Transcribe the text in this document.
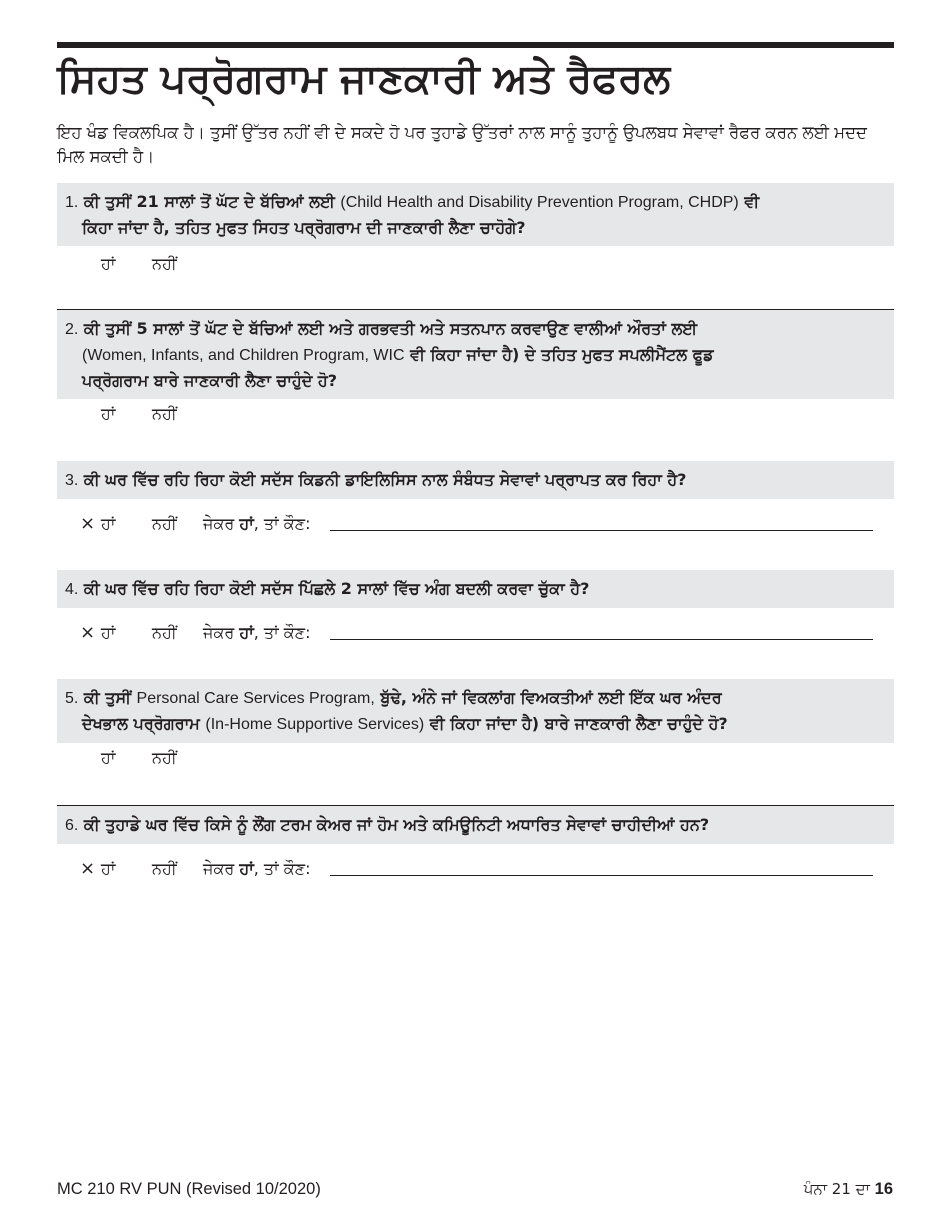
ਸਿਹਤ ਪਰ੍ਰੋਗਰਾਮ ਜਾਣਕਾਰੀ ਅਤੇ ਰੈਫਰਲ

ਇਹ ਖੰਡ ਵਿਕਲਪਿਕ ਹੈ। ਤੁਸੀਂ ਉੱਤਰ ਨਹੀਂ ਵੀ ਦੇ ਸਕਦੇ ਹੋ ਪਰ ਤੁਹਾਡੇ ਉੱਤਰਾਂ ਨਾਲ ਸਾਨੂੰ ਤੁਹਾਨੂੰ ਉਪਲਬਧ ਸੇਵਾਵਾਂ ਰੈਫਰ ਕਰਨ ਲਈ ਮਦਦ ਮਿਲ ਸਕਦੀ ਹੈ।

1. ਕੀ ਤੁਸੀਂ 21 ਸਾਲਾਂ ਤੋਂ ਘੱਟ ਦੇ ਬੱਚਿਆਂ ਲਈ (Child Health and Disability Prevention Program, CHDP) ਵੀ
ਕਿਹਾ ਜਾਂਦਾ ਹੈ, ਤਹਿਤ ਮੁਫਤ ਸਿਹਤ ਪਰ੍ਰੋਗਰਾਮ ਦੀ ਜਾਣਕਾਰੀ ਲੈਣਾ ਚਾਹੋਗੇ?

ਹਾਂ ਨਹੀਂ

2. ਕੀ ਤੁਸੀਂ 5 ਸਾਲਾਂ ਤੋਂ ਘੱਟ ਦੇ ਬੱਚਿਆਂ ਲਈ ਅਤੇ ਗਰਭਵਤੀ ਅਤੇ ਸਤਨਪਾਨ ਕਰਵਾਉਣ ਵਾਲੀਆਂ ਔਰਤਾਂ ਲਈ
(Women, Infants, and Children Program, WIC ਵੀ ਕਿਹਾ ਜਾਂਦਾ ਹੈ) ਦੇ ਤਹਿਤ ਮੁਫਤ ਸਪਲੀਮੈਂਟਲ ਫੂਡ
ਪਰ੍ਰੋਗਰਾਮ ਬਾਰੇ ਜਾਣਕਾਰੀ ਲੈਣਾ ਚਾਹੁੰਦੇ ਹੋ?

ਹਾਂ ਨਹੀਂ

3. ਕੀ ਘਰ ਵਿੱਚ ਰਹਿ ਰਿਹਾ ਕੋਈ ਸਦੱਸ ਕਿਡਨੀ ਡਾਇਲਿਸਿਸ ਨਾਲ ਸੰਬੰਧਤ ਸੇਵਾਵਾਂ ਪਰ੍ਰਾਪਤ ਕਰ ਰਿਹਾ ਹੈ?

× ਹਾਂ ਨਹੀਂ ਜੇਕਰ ਹਾਂ, ਤਾਂ ਕੌਣ:

4. ਕੀ ਘਰ ਵਿੱਚ ਰਹਿ ਰਿਹਾ ਕੋਈ ਸਦੱਸ ਪਿੱਛਲੇ 2 ਸਾਲਾਂ ਵਿੱਚ ਅੰਗ ਬਦਲੀ ਕਰਵਾ ਚੁੱਕਾ ਹੈ?

× ਹਾਂ ਨਹੀਂ ਜੇਕਰ ਹਾਂ, ਤਾਂ ਕੌਣ:

5. ਕੀ ਤੁਸੀਂ Personal Care Services Program, ਬੁੱਢੇ, ਅੰਨੇ ਜਾਂ ਵਿਕਲਾਂਗ ਵਿਅਕਤੀਆਂ ਲਈ ਇੱਕ ਘਰ ਅੰਦਰ
ਦੇਖਭਾਲ ਪਰ੍ਰੋਗਰਾਮ (In-Home Supportive Services) ਵੀ ਕਿਹਾ ਜਾਂਦਾ ਹੈ) ਬਾਰੇ ਜਾਣਕਾਰੀ ਲੈਣਾ ਚਾਹੁੰਦੇ ਹੋ?

ਹਾਂ ਨਹੀਂ

6. ਕੀ ਤੁਹਾਡੇ ਘਰ ਵਿੱਚ ਕਿਸੇ ਨੂੰ ਲੌਂਗ ਟਰਮ ਕੇਅਰ ਜਾਂ ਹੋਮ ਅਤੇ ਕਮਿਊਨਿਟੀ ਅਧਾਰਿਤ ਸੇਵਾਵਾਂ ਚਾਹੀਦੀਆਂ ਹਨ?

× ਹਾਂ ਨਹੀਂ ਜੇਕਰ ਹਾਂ, ਤਾਂ ਕੌਣ:
MC 210 RV PUN (Revised 10/2020)	ਪੰਨਾ 21 ਦਾ 16
